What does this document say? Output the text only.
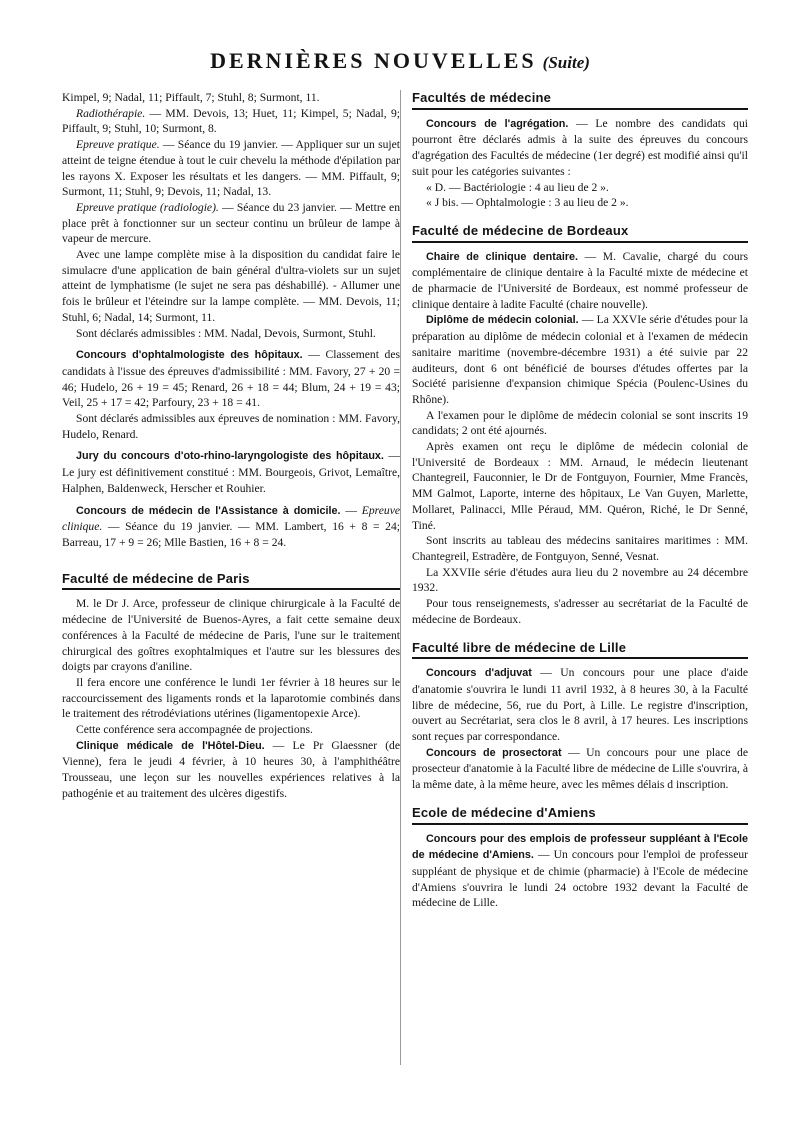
DERNIÈRES NOUVELLES (Suite)

Kimpel, 9; Nadal, 11; Piffault, 7; Stuhl, 8; Surmont, 11.

Radiothérapie. — MM. Devois, 13; Huet, 11; Kimpel, 5; Nadal, 9; Piffault, 9; Stuhl, 10; Surmont, 8.

Epreuve pratique. — Séance du 19 janvier. — Appliquer sur un sujet atteint de teigne étendue à tout le cuir chevelu la méthode d'épilation par les rayons X. Exposer les résultats et les dangers. — MM. Piffault, 9; Surmont, 11; Stuhl, 9; Devois, 11; Nadal, 13.

Epreuve pratique (radiologie). — Séance du 23 janvier. — Mettre en place prêt à fonctionner sur un secteur continu un brûleur de lampe à vapeur de mercure.

Avec une lampe complète mise à la disposition du candidat faire le simulacre d'une application de bain général d'ultra-violets sur un sujet atteint de lymphatisme (le sujet ne sera pas déshabillé). - Allumer une fois le brûleur et l'éteindre sur la lampe complète. — MM. Devois, 11; Stuhl, 6; Nadal, 14; Surmont, 11.

Sont déclarés admissibles : MM. Nadal, Devois, Surmont, Stuhl.

Concours d'ophtalmologiste des hôpitaux. — Classement des candidats à l'issue des épreuves d'admissibilité : MM. Favory, 27 + 20 = 46; Hudelo, 26 + 19 = 45; Renard, 26 + 18 = 44; Blum, 24 + 19 = 43; Veil, 25 + 17 = 42; Parfoury, 23 + 18 = 41.

Sont déclarés admissibles aux épreuves de nomination : MM. Favory, Hudelo, Renard.

Jury du concours d'oto-rhino-laryngologiste des hôpitaux. — Le jury est définitivement constitué : MM. Bourgeois, Grivot, Lemaître, Halphen, Baldenweck, Herscher et Rouhier.

Concours de médecin de l'Assistance à domicile. — Epreuve clinique. — Séance du 19 janvier. — MM. Lambert, 16 + 8 = 24; Barreau, 17 + 9 = 26; Mlle Bastien, 16 + 8 = 24.

Faculté de médecine de Paris

M. le Dr J. Arce, professeur de clinique chirurgicale à la Faculté de médecine de l'Université de Buenos-Ayres, a fait cette semaine deux conférences à la Faculté de médecine de Paris, l'une sur le traitement chirurgical des goîtres exophtalmiques et l'autre sur les blessures des doigts par crayons d'aniline.

Il fera encore une conférence le lundi 1er février à 18 heures sur le raccourcissement des ligaments ronds et la laparotomie combinés dans le traitement des rétrodéviations utérines (ligamentopexie Arce).

Cette conférence sera accompagnée de projections.

Clinique médicale de l'Hôtel-Dieu. — Le Pr Glaessner (de Vienne), fera le jeudi 4 février, à 10 heures 30, à l'amphithéâtre Trousseau, une leçon sur les nouvelles expériences relatives à la pathogénie et au traitement des ulcères digestifs.

Facultés de médecine

Concours de l'agrégation. — Le nombre des candidats qui pourront être déclarés admis à la suite des épreuves du concours d'agrégation des Facultés de médecine (1er degré) est modifié ainsi qu'il suit pour les catégories suivantes :

« D. — Bactériologie : 4 au lieu de 2 ».

« J bis. — Ophtalmologie : 3 au lieu de 2 ».

Faculté de médecine de Bordeaux

Chaire de clinique dentaire. — M. Cavalie, chargé du cours complémentaire de clinique dentaire à la Faculté mixte de médecine et de pharmacie de l'Université de Bordeaux, est nommé professeur de clinique dentaire à ladite Faculté (chaire nouvelle).

Diplôme de médecin colonial. — La XXVIe série d'études pour la préparation au diplôme de médecin colonial et à l'examen de médecin sanitaire maritime (novembre-décembre 1931) a été suivie par 22 auditeurs, dont 6 ont bénéficié de bourses d'études offertes par la Société parisienne d'expansion chimique Spécia (Poulenc-Usines du Rhône).

A l'examen pour le diplôme de médecin colonial se sont inscrits 19 candidats; 2 ont été ajournés.

Après examen ont reçu le diplôme de médecin colonial de l'Université de Bordeaux : MM. Arnaud, le médecin lieutenant Chantegreil, Fauconnier, le Dr de Fontguyon, Fournier, Mme Francès, MM Galmot, Laporte, interne des hôpitaux, Le Van Guyen, Marlette, Mollaret, Palinacci, Mlle Péraud, MM. Quéron, Riché, le Dr Senné, Tiné.

Sont inscrits au tableau des médecins sanitaires maritimes : MM. Chantegreil, Estradère, de Fontguyon, Senné, Vesnat.

La XXVIIe série d'études aura lieu du 2 novembre au 24 décembre 1932.

Pour tous renseignemests, s'adresser au secrétariat de la Faculté de médecine de Bordeaux.

Faculté libre de médecine de Lille

Concours d'adjuvat — Un concours pour une place d'aide d'anatomie s'ouvrira le lundi 11 avril 1932, à 8 heures 30, à la Faculté libre de médecine, 56, rue du Port, à Lille. Le registre d'inscription, ouvert au Secrétariat, sera clos le 8 avril, à 17 heures. Les inscriptions sont reçues par correspondance.

Concours de prosectorat — Un concours pour une place de prosecteur d'anatomie à la Faculté libre de médecine de Lille s'ouvrira, à la même date, à la même heure, avec les mêmes délais d inscription.

Ecole de médecine d'Amiens

Concours pour des emplois de professeur suppléant à l'Ecole de médecine d'Amiens. — Un concours pour l'emploi de professeur suppléant de physique et de chimie (pharmacie) à l'Ecole de médecine d'Amiens s'ouvrira le lundi 24 octobre 1932 devant la Faculté de médecine de Lille.
